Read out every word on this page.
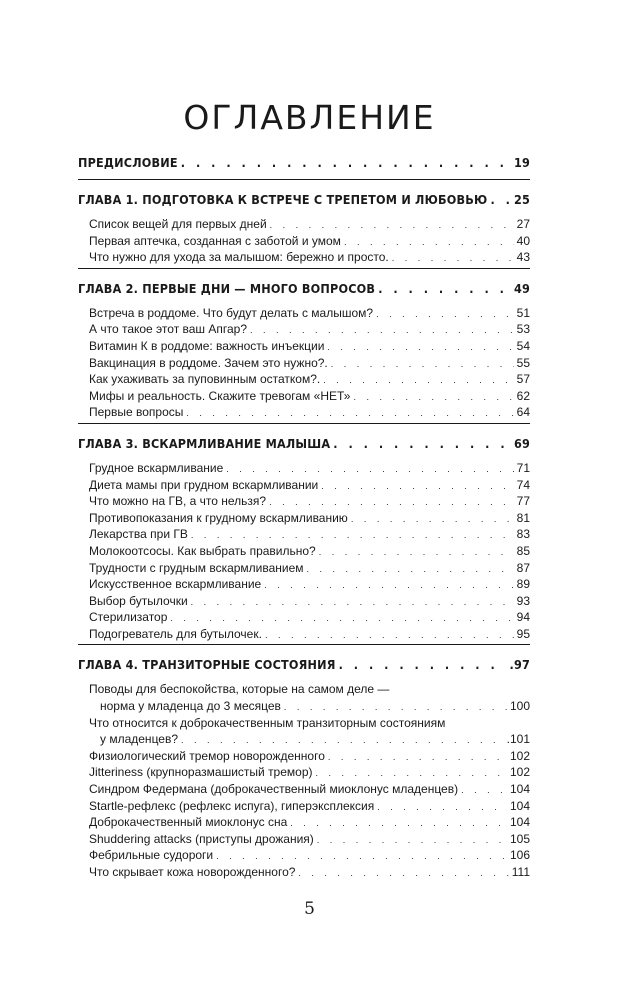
ОГЛАВЛЕНИЕ
ПРЕДИСЛОВИЕ . . .	19
ГЛАВА 1. ПОДГОТОВКА К ВСТРЕЧЕ С ТРЕПЕТОМ И ЛЮБОВЬЮ . . . 25
Список вещей для первых дней . . .	27
Первая аптечка, созданная с заботой и умом . . .	40
Что нужно для ухода за малышом: бережно и просто. . . .	43
ГЛАВА 2. ПЕРВЫЕ ДНИ — МНОГО ВОПРОСОВ . . .	49
Встреча в роддоме. Что будут делать с малышом? . . .	51
А что такое этот ваш Апгар? . . .	53
Витамин К в роддоме: важность инъекции . . .	54
Вакцинация в роддоме. Зачем это нужно?. . . .	55
Как ухаживать за пуповинным остатком?. . . .	57
Мифы и реальность. Скажите тревогам «НЕТ» . . .	62
Первые вопросы . . .	64
ГЛАВА 3. ВСКАРМЛИВАНИЕ МАЛЫША . . .	69
Грудное вскармливание . . .	71
Диета мамы при грудном вскармливании . . .	74
Что можно на ГВ, а что нельзя? . . .	77
Противопоказания к грудному вскармливанию . . .	81
Лекарства при ГВ . . .	83
Молокоотсосы. Как выбрать правильно? . . .	85
Трудности с грудным вскармливанием . . .	87
Искусственное вскармливание . . .	89
Выбор бутылочки . . .	93
Стерилизатор . . .	94
Подогреватель для бутылочек. . . .	95
ГЛАВА 4. ТРАНЗИТОРНЫЕ СОСТОЯНИЯ . . .	.97
Поводы для беспокойства, которые на самом деле —
норма у младенца до 3 месяцев . . .	100
Что относится к доброкачественным транзиторным состояниям
у младенцев? . . .	.101
Физиологический тремор новорожденного . . .	102
Jitteriness (крупноразмашистый тремор) . . .	102
Синдром Федермана (доброкачественный миоклонус младенцев) . . .	104
Startle-рефлекс (рефлекс испуга), гиперэксплексия . . .	104
Доброкачественный миоклонус сна . . .	104
Shuddering attacks (приступы дрожания) . . .	105
Фебрильные судороги . . .	106
Что скрывает кожа новорожденного? . . .	111
5
